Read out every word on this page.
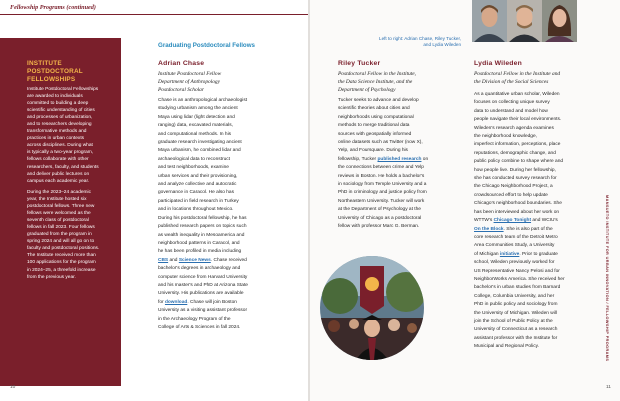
Fellowship Programs (continued)
INSTITUTE
POSTDOCTORAL
FELLOWSHIPS
Institute Postdoctoral Fellowships
are awarded to individuals
committed to building a deep
scientific understanding of cities
and processes of urbanization,
and to researchers developing
transformative methods and
practices in urban contexts
across disciplines. During what
is typically a two-year program,
fellows collaborate with other
researchers, faculty, and students
and deliver public lectures on
campus each academic year.
During the 2023–24 academic
year, the Institute hosted six
postdoctoral fellows. Three new
fellows were welcomed as the
seventh class of postdoctoral
fellows in fall 2023. Four fellows
graduated from the program in
spring 2024 and will all go on to
faculty and postdoctoral positions.
The Institute received more than
100 applications for the program
in 2024–25, a threefold increase
from the previous year.
Graduating Postdoctoral Fellows
Adrian Chase
Institute Postdoctoral Fellow
Department of Anthropology
Postdoctoral Scholar
Chase is an anthropological archaeologist
studying urbanism among the ancient
Maya using lidar (light detection and
ranging) data, excavated materials,
and computational methods. In his
graduate research investigating ancient
Maya urbanism, he combined lidar and
archaeological data to reconstruct
and test neighborhoods, examine
urban services and their provisioning,
and analyze collective and autocratic
governance in Caracol. He also has
participated in field research in Turkey
and in locations throughout Mexico.
During his postdoctoral fellowship, he has
published research papers on topics such
as wealth inequality in Mesoamerica and
neighborhood patterns in Caracol, and
he has been profiled in media including
CBS and Science News. Chase received
bachelor's degrees in archaeology and
computer science from Harvard University
and his master's and PhD at Arizona State
University. His publications are available
for download. Chase will join Boston
University as a visiting assistant professor
in the Archaeology Program of the
College of Arts & Sciences in fall 2024.
10
Riley Tucker
Postdoctoral Fellow in the Institute,
the Data Science Institute, and the
Department of Psychology
Tucker seeks to advance and develop
scientific theories about cities and
neighborhoods using computational
methods to merge traditional data
sources with geospatially informed
online datasets such as Twitter (now X),
Yelp, and Foursquare. During his
fellowship, Tucker published research on
the connections between crime and Yelp
reviews in Boston. He holds a bachelor's
in sociology from Temple University and a
PhD in criminology and justice policy from
Northeastern University. Tucker will work
at the Department of Psychology at the
University of Chicago as a postdoctoral
fellow with professor Marc G. Berman.
Lydia Wileden
Postdoctoral Fellow in the Institute and
the Division of the Social Sciences
As a quantitative urban scholar, Wileden
focuses on collecting unique survey
data to understand and model how
people navigate their local environments.
Wileden's research agenda examines
the neighborhood knowledge,
imperfect information, perceptions, place
reputations, demographic change, and
public policy combine to shape where and
how people live. During her fellowship,
she has conducted survey research for
the Chicago Neighborhood Project, a
crowdsourced effort to help update
Chicago's neighborhood boundaries. She
has been interviewed about her work on
WTTW's Chicago Tonight and WCIU's
On the Block. She is also part of the
core research team of the Detroit Metro
Area Communities Study, a University
of Michigan initiative. Prior to graduate
school, Wileden previously worked for
US Representative Nancy Pelosi and for
NeighborWorks America. She received her
bachelor's in urban studies from Barnard
College, Columbia University, and her
PhD in public policy and sociology from
the University of Michigan. Wileden will
join the School of Public Policy at the
University of Connecticut as a research
assistant professor with the Institute for
Municipal and Regional Policy.
11
Left to right: Adrian Chase, Riley Tucker,
and Lydia Wileden
MANSUETO INSTITUTE FOR URBAN INNOVATION / FELLOWSHIP PROGRAMS
